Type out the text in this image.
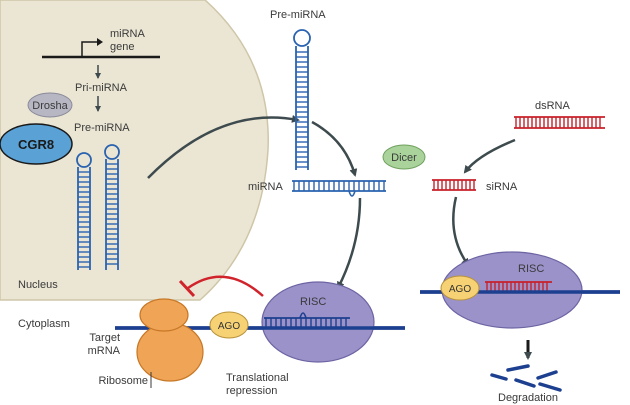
miRNA
gene
Pri-miRNA
Drosha
CGR8
Pre-miRNA
Nucleus
Cytoplasm
Pre-miRNA
Dicer
miRNA
dsRNA
siRNA
RISC
AGO
Target
mRNA
Ribosome	Translational
repression
RISC
AGO
Degradation
